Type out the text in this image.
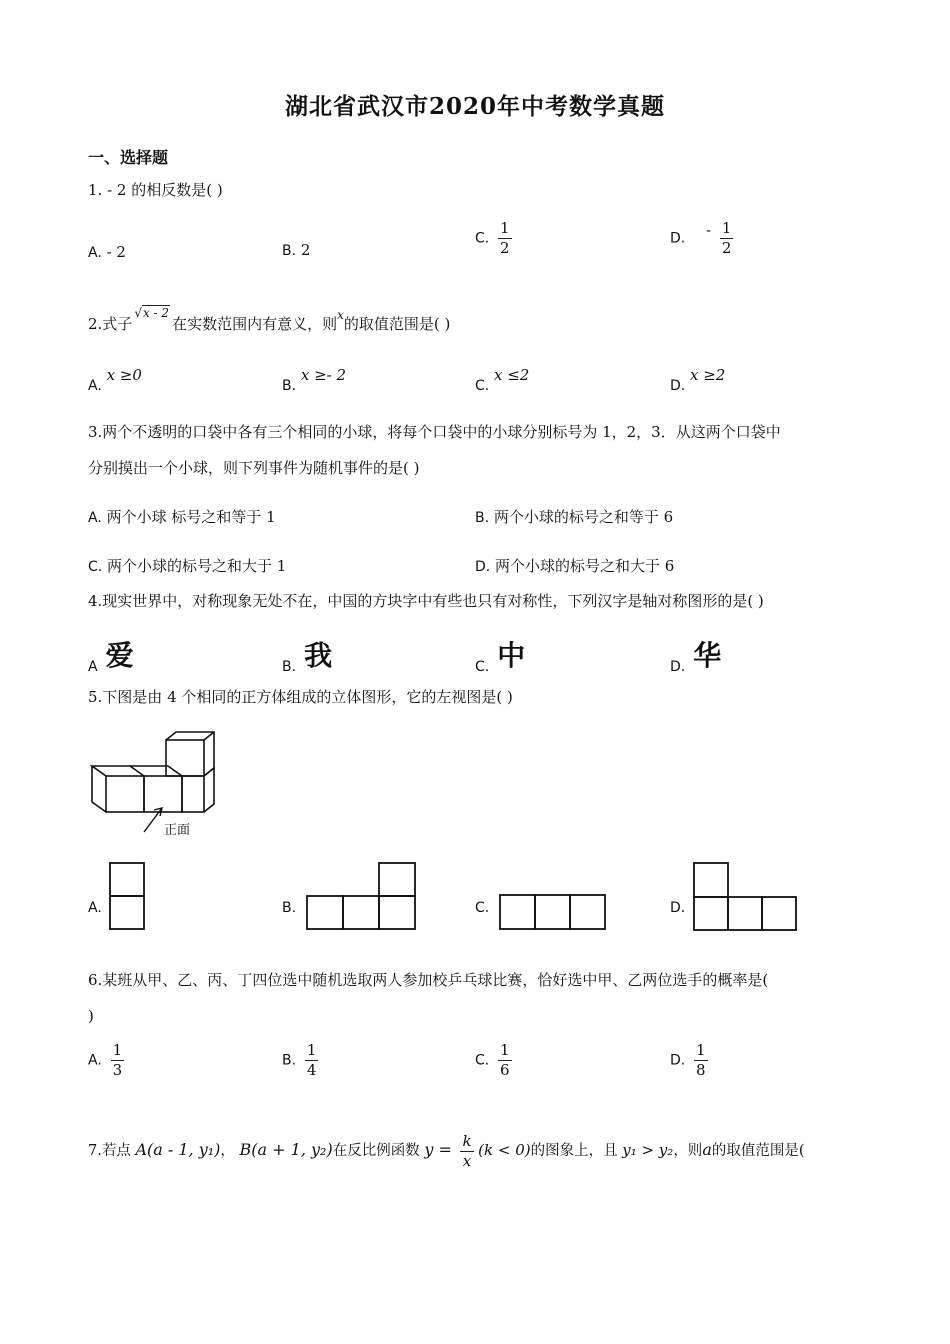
湖北省武汉市2020年中考数学真题
一、选择题
1. - 2 的相反数是( )
A. - 2	B. 2
C. $\frac{1}{2}$	D. - $\frac{1}{2}$
2.式子√x - 2在实数范围内有意义，则$^x$的取值范围是( )
A. x ≥0
B. x ≥- 2
C. x ≤2
D. x ≥2
3.两个不透明的口袋中各有三个相同的小球，将每个口袋中的小球分别标号为 1，2，3．从这两个口袋中
分别摸出一个小球，则下列事件为随机事件的是( )
A. 两个小球 标号之和等于 1	B. 两个小球的标号之和等于 6
C. 两个小球的标号之和大于 1	D. 两个小球的标号之和大于 6
4.现实世界中，对称现象无处不在，中国的方块字中有些也只有对称性，下列汉字是轴对称图形的是( )
A 爱	B. 我	C. 中	D. 华
5.下图是由 4 个相同的正方体组成的立体图形，它的左视图是( )
正面
A.	B.	C.	D.
6.某班从甲、乙、丙、丁四位选中随机选取两人参加校乒乓球比赛，恰好选中甲、乙两位选手的概率是(
)
A. $\frac{1}{3}$	B. $\frac{1}{4}$	C. $\frac{1}{6}$	D. $\frac{1}{8}$
7.若点 A(a - 1, y₁)， B(a + 1, y₂)在反比例函数 $y = \frac{k}{x} (k < 0)$的图象上，且 y₁ > y₂，则a的取值范围是(
